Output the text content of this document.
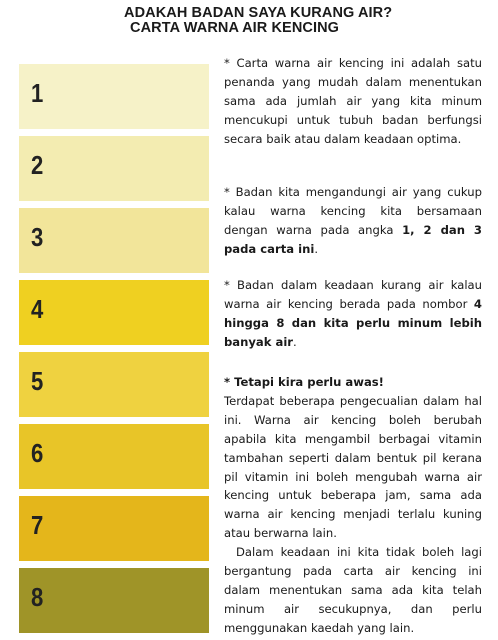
ADAKAH BADAN SAYA KURANG AIR?
CARTA WARNA AIR KENCING
1
2
3
4
5
6
7
8

* Carta warna air kencing ini adalah satu penanda yang mudah dalam menentukan sama ada jumlah air yang kita minum mencukupi untuk tubuh badan berfungsi secara baik atau dalam keadaan optima.

* Badan kita mengandungi air yang cukup kalau warna kencing kita bersamaan dengan warna pada angka 1, 2 dan 3 pada carta ini.

* Badan dalam keadaan kurang air kalau warna air kencing berada pada nombor 4 hingga 8 dan kita perlu minum lebih banyak air.

* Tetapi kira perlu awas!

Terdapat beberapa pengecualian dalam hal ini. Warna air kencing boleh berubah apabila kita mengambil berbagai vitamin tambahan seperti dalam bentuk pil kerana pil vitamin ini boleh mengubah warna air kencing untuk beberapa jam, sama ada warna air kencing menjadi terlalu kuning atau berwarna lain.

Dalam keadaan ini kita tidak boleh lagi bergantung pada carta air kencing ini dalam menentukan sama ada kita telah minum air secukupnya, dan perlu menggunakan kaedah yang lain.
